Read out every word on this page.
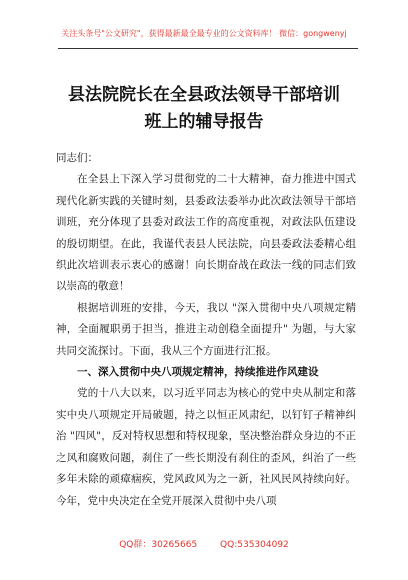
关注头条号"公文研究"，获得最新最全最专业的公文资料库！ 微信：gongwenyj
县法院院长在全县政法领导干部培训
班上的辅导报告

同志们：

在全县上下深入学习贯彻党的二十大精神，奋力推进中国式现代化新实践的关键时刻，县委政法委举办此次政法领导干部培训班，充分体现了县委对政法工作的高度重视，对政法队伍建设的殷切期望。在此，我谨代表县人民法院，向县委政法委精心组织此次培训表示衷心的感谢！向长期奋战在政法一线的同志们致以崇高的敬意！

根据培训班的安排，今天，我以 "深入贯彻中央八项规定精神，全面履职勇于担当，推进主动创稳全面提升" 为题，与大家共同交流探讨。下面，我从三个方面进行汇报。

一、深入贯彻中央八项规定精神，持续推进作风建设

党的十八大以来，以习近平同志为核心的党中央从制定和落实中央八项规定开局破题，持之以恒正风肃纪，以钉钉子精神纠治 "四风"，反对特权思想和特权现象，坚决整治群众身边的不正之风和腐败问题，刹住了一些长期没有刹住的歪风，纠治了一些多年未除的顽瘴痼疾，党风政风为之一新，社风民风持续向好。今年，党中央决定在全党开展深入贯彻中央八项

QQ群：30265665	QQ:535304092
